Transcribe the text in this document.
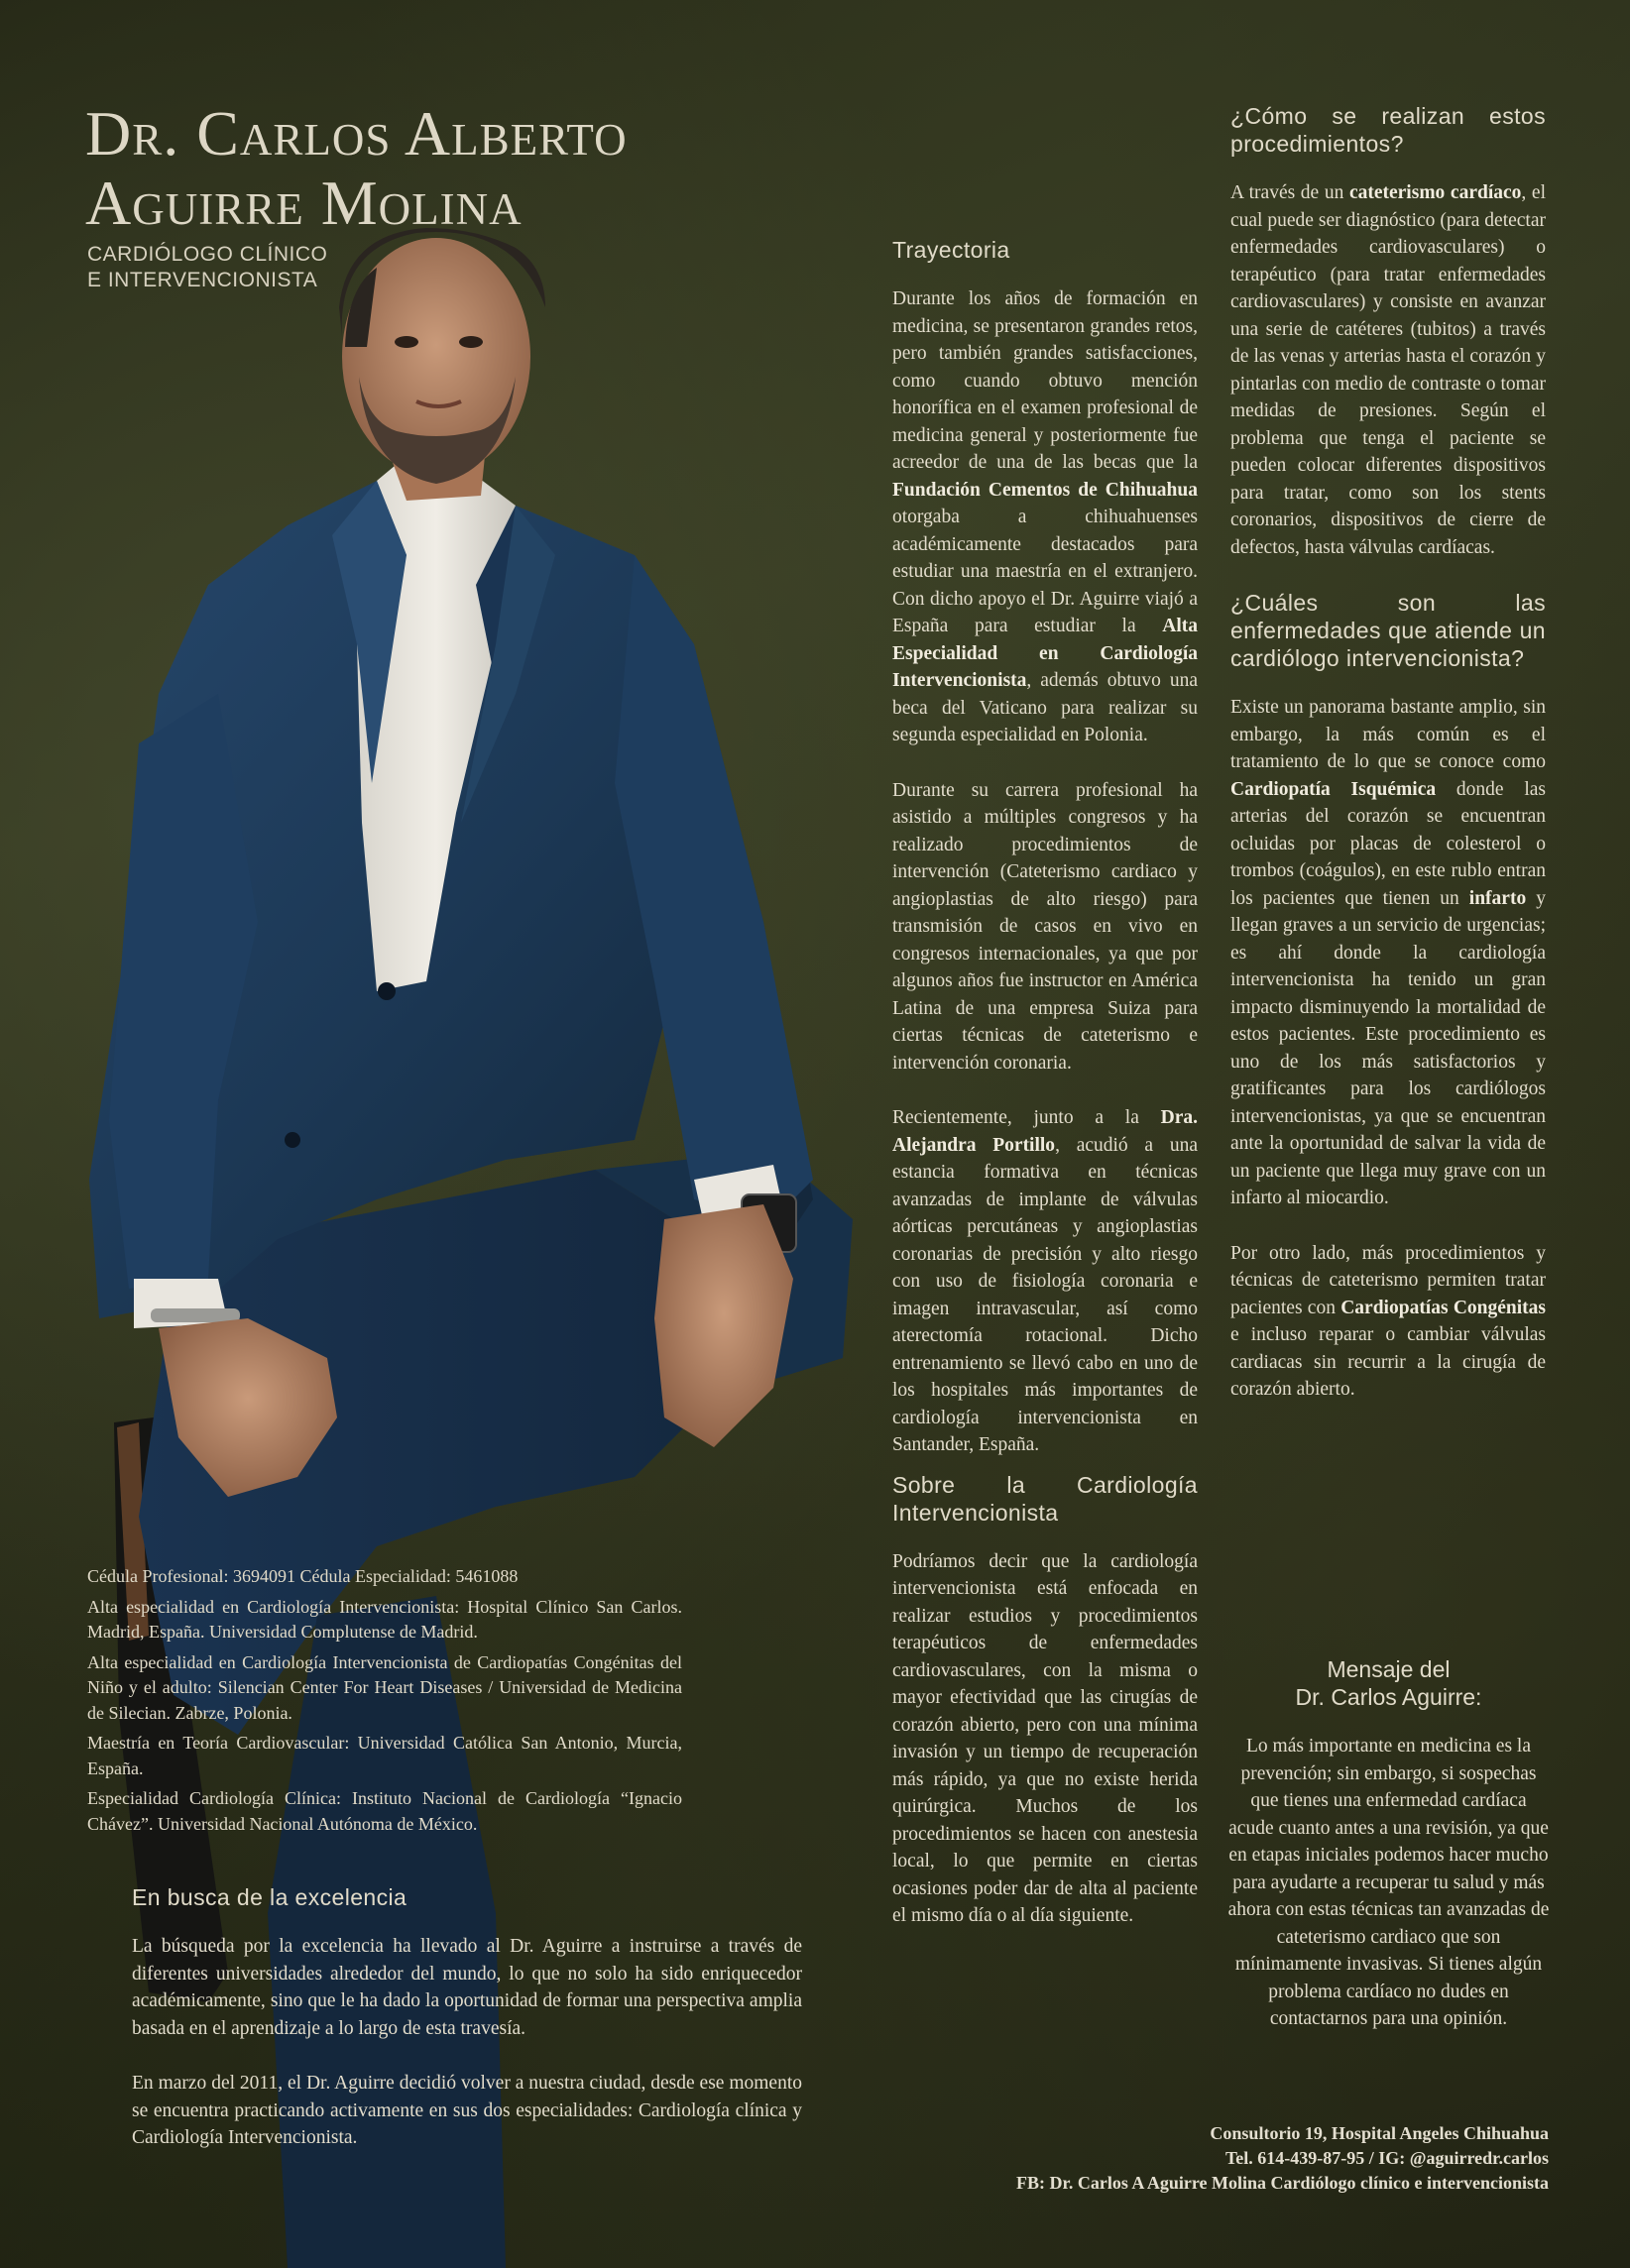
Dr. Carlos Alberto
Aguirre Molina
CARDIÓLOGO CLÍNICO
E INTERVENCIONISTA
Trayectoria

Durante los años de formación en medicina, se presentaron grandes retos, pero también grandes satisfacciones, como cuando obtuvo mención honorífica en el examen profesional de medicina general y posteriormente fue acreedor de una de las becas que la Fundación Cementos de Chihuahua otorgaba a chihuahuenses académicamente destacados para estudiar una maestría en el extranjero. Con dicho apoyo el Dr. Aguirre viajó a España para estudiar la Alta Especialidad en Cardiología Intervencionista, además obtuvo una beca del Vaticano para realizar su segunda especialidad en Polonia.

Durante su carrera profesional ha asistido a múltiples congresos y ha realizado procedimientos de intervención (Cateterismo cardiaco y angioplastias de alto riesgo) para transmisión de casos en vivo en congresos internacionales, ya que por algunos años fue instructor en América Latina de una empresa Suiza para ciertas técnicas de cateterismo e intervención coronaria.

Recientemente, junto a la Dra. Alejandra Portillo, acudió a una estancia formativa en técnicas avanzadas de implante de válvulas aórticas percutáneas y angioplastias coronarias de precisión y alto riesgo con uso de fisiología coronaria e imagen intravascular, así como aterectomía rotacional. Dicho entrenamiento se llevó cabo en uno de los hospitales más importantes de cardiología intervencionista en Santander, España.

Sobre la Cardiología Intervencionista

Podríamos decir que la cardiología intervencionista está enfocada en realizar estudios y procedimientos terapéuticos de enfermedades cardiovasculares, con la misma o mayor efectividad que las cirugías de corazón abierto, pero con una mínima invasión y un tiempo de recuperación más rápido, ya que no existe herida quirúrgica. Muchos de los procedimientos se hacen con anestesia local, lo que permite en ciertas ocasiones poder dar de alta al paciente el mismo día o al día siguiente.

¿Cómo se realizan estos procedimientos?

A través de un cateterismo cardíaco, el cual puede ser diagnóstico (para detectar enfermedades cardiovasculares) o terapéutico (para tratar enfermedades cardiovasculares) y consiste en avanzar una serie de catéteres (tubitos) a través de las venas y arterias hasta el corazón y pintarlas con medio de contraste o tomar medidas de presiones. Según el problema que tenga el paciente se pueden colocar diferentes dispositivos para tratar, como son los stents coronarios, dispositivos de cierre de defectos, hasta válvulas cardíacas.

¿Cuáles son las enfermedades que atiende un cardiólogo intervencionista?

Existe un panorama bastante amplio, sin embargo, la más común es el tratamiento de lo que se conoce como Cardiopatía Isquémica donde las arterias del corazón se encuentran ocluidas por placas de colesterol o trombos (coágulos), en este rublo entran los pacientes que tienen un infarto y llegan graves a un servicio de urgencias; es ahí donde la cardiología intervencionista ha tenido un gran impacto disminuyendo la mortalidad de estos pacientes. Este procedimiento es uno de los más satisfactorios y gratificantes para los cardiólogos intervencionistas, ya que se encuentran ante la oportunidad de salvar la vida de un paciente que llega muy grave con un infarto al miocardio.

Por otro lado, más procedimientos y técnicas de cateterismo permiten tratar pacientes con Cardiopatías Congénitas e incluso reparar o cambiar válvulas cardiacas sin recurrir a la cirugía de corazón abierto.

Mensaje del
Dr. Carlos Aguirre:

Lo más importante en medicina es la prevención; sin embargo, si sospechas que tienes una enfermedad cardíaca acude cuanto antes a una revisión, ya que en etapas iniciales podemos hacer mucho para ayudarte a recuperar tu salud y más ahora con estas técnicas tan avanzadas de cateterismo cardiaco que son mínimamente invasivas. Si tienes algún problema cardíaco no dudes en contactarnos para una opinión.

Cédula Profesional: 3694091 Cédula Especialidad: 5461088

Alta especialidad en Cardiología Intervencionista: Hospital Clínico San Carlos. Madrid, España. Universidad Complutense de Madrid.

Alta especialidad en Cardiología Intervencionista de Cardiopatías Congénitas del Niño y el adulto: Silencian Center For Heart Diseases / Universidad de Medicina de Silecian. Zabrze, Polonia.

Maestría en Teoría Cardiovascular: Universidad Católica San Antonio, Murcia, España.

Especialidad Cardiología Clínica: Instituto Nacional de Cardiología “Ignacio Chávez”. Universidad Nacional Autónoma de México.

En busca de la excelencia

La búsqueda por la excelencia ha llevado al Dr. Aguirre a instruirse a través de diferentes universidades alrededor del mundo, lo que no solo ha sido enriquecedor académicamente, sino que le ha dado la oportunidad de formar una perspectiva amplia basada en el aprendizaje a lo largo de esta travesía.

En marzo del 2011, el Dr. Aguirre decidió volver a nuestra ciudad, desde ese momento se encuentra practicando activamente en sus dos especialidades: Cardiología clínica y Cardiología Intervencionista.	Consultorio 19, Hospital Angeles Chihuahua
Tel. 614-439-87-95 / IG: @aguirredr.carlos
FB: Dr. Carlos A Aguirre Molina Cardiólogo clínico e intervencionista
